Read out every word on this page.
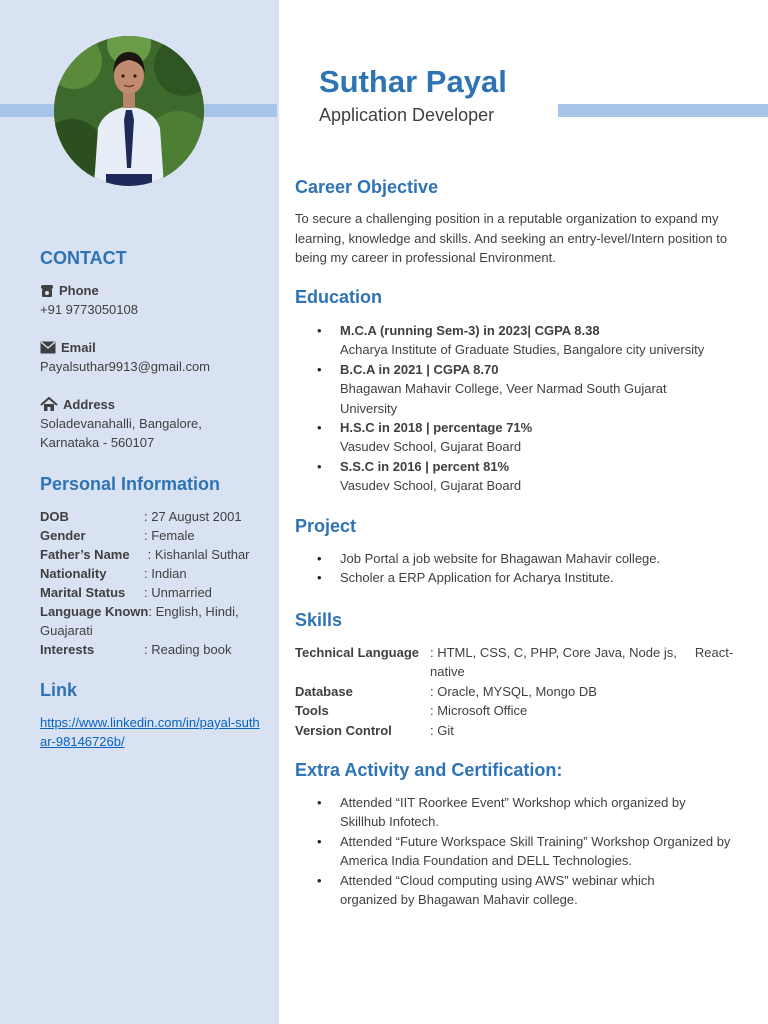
CONTACT
Phone

+91 9773050108

Email

Payalsuthar9913@gmail.com

Address

Soladevanahalli, Bangalore,

Karnataka - 560107

Personal Information
DOB	: 27 August 2001
Gender	: Female
Father’s Name : Kishanlal Suthar
Nationality	: Indian
Marital Status : Unmarried
Language Known: English, Hindi,
Guajarati
Interests	: Reading book
Link
https://www.linkedin.com/in/payal-suthar-98146726b/
Suthar Payal

Application Developer

Career Objective

To secure a challenging position in a reputable organization to expand my learning, knowledge and skills. And seeking an entry-level/Intern position to being my career in professional Environment.

Education
• M.C.A (running Sem-3) in 2023| CGPA 8.38
Acharya Institute of Graduate Studies, Bangalore city university
• B.C.A in 2021 | CGPA 8.70
Bhagawan Mahavir College, Veer Narmad South Gujarat University
• H.S.C in 2018 | percentage 71%
Vasudev School, Gujarat Board
• S.S.C in 2016 | percent 81%
Vasudev School, Gujarat Board
Project
• Job Portal a job website for Bhagawan Mahavir college.
• Scholer a ERP Application for Acharya Institute.
Skills
Technical Language : HTML, CSS, C, PHP, Core Java, Node js,     React-native
Database	: Oracle, MYSQL, Mongo DB
Tools	: Microsoft Office
Version Control	: Git
Extra Activity and Certification:
• Attended “IIT Roorkee Event” Workshop which organized by Skillhub Infotech.
• Attended “Future Workspace Skill Training” Workshop Organized by America India Foundation and DELL Technologies.
• Attended “Cloud computing using AWS” webinar which organized by Bhagawan Mahavir college.
